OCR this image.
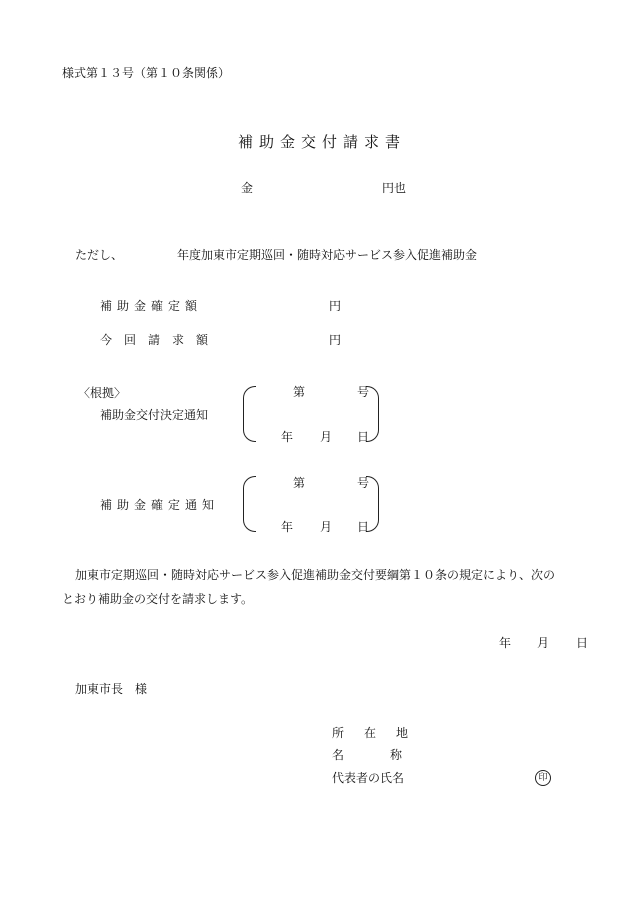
様式第１３号（第１０条関係）
補助金交付請求書
金	円也
ただし、	年度加東市定期巡回・随時対応サービス参入促進補助金
補助金確定額	円
今回請求額	円
〈根拠〉
補助金交付決定通知
第	号
年 月 日
補助金確定通知
第	号
年 月 日
加東市定期巡回・随時対応サービス参入促進補助金交付要綱第１０条の規定により、次の
とおり補助金の交付を請求します。
年 月 日
加東市長　様
所在地
名称
代表者の氏名	印
